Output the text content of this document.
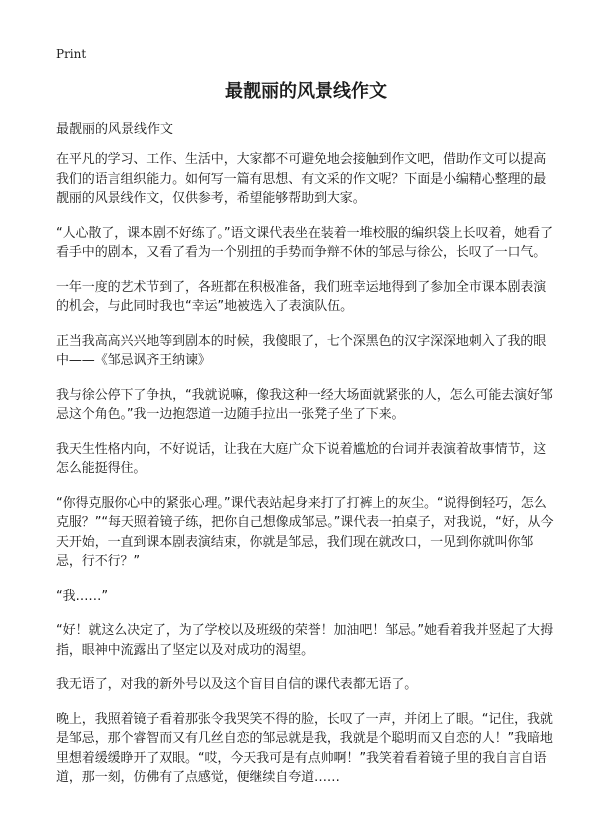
Print
最靓丽的风景线作文
最靓丽的风景线作文

在平凡的学习、工作、生活中，大家都不可避免地会接触到作文吧，借助作文可以提高我们的语言组织能力。如何写一篇有思想、有文采的作文呢？下面是小编精心整理的最靓丽的风景线作文，仅供参考，希望能够帮助到大家。

“人心散了，课本剧不好练了。”语文课代表坐在装着一堆校服的编织袋上长叹着，她看了看手中的剧本，又看了看为一个别扭的手势而争辩不休的邹忌与徐公，长叹了一口气。

一年一度的艺术节到了，各班都在积极准备，我们班幸运地得到了参加全市课本剧表演的机会，与此同时我也“幸运”地被选入了表演队伍。

正当我高高兴兴地等到剧本的时候，我傻眼了，七个深黑色的汉字深深地刺入了我的眼中——《邹忌讽齐王纳谏》

我与徐公停下了争执，“我就说嘛，像我这种一经大场面就紧张的人，怎么可能去演好邹忌这个角色。”我一边抱怨道一边随手拉出一张凳子坐了下来。

我天生性格内向，不好说话，让我在大庭广众下说着尴尬的台词并表演着故事情节，这怎么能挺得住。

“你得克服你心中的紧张心理。”课代表站起身来打了打裤上的灰尘。“说得倒轻巧，怎么克服？”“每天照着镜子练，把你自己想像成邹忌。”课代表一拍桌子，对我说，“好，从今天开始，一直到课本剧表演结束，你就是邹忌，我们现在就改口，一见到你就叫你邹忌，行不行？”

“我……”

“好！就这么决定了，为了学校以及班级的荣誉！加油吧！邹忌。”她看着我并竖起了大拇指，眼神中流露出了坚定以及对成功的渴望。

我无语了，对我的新外号以及这个盲目自信的课代表都无语了。

晚上，我照着镜子看着那张令我哭笑不得的脸，长叹了一声，并闭上了眼。“记住，我就是邹忌，那个睿智而又有几丝自恋的邹忌就是我，我就是个聪明而又自恋的人！”我暗地里想着缓缓睁开了双眼。“哎，今天我可是有点帅啊！”我笑着看着镜子里的我自言自语道，那一刻，仿佛有了点感觉，便继续自夸道……
